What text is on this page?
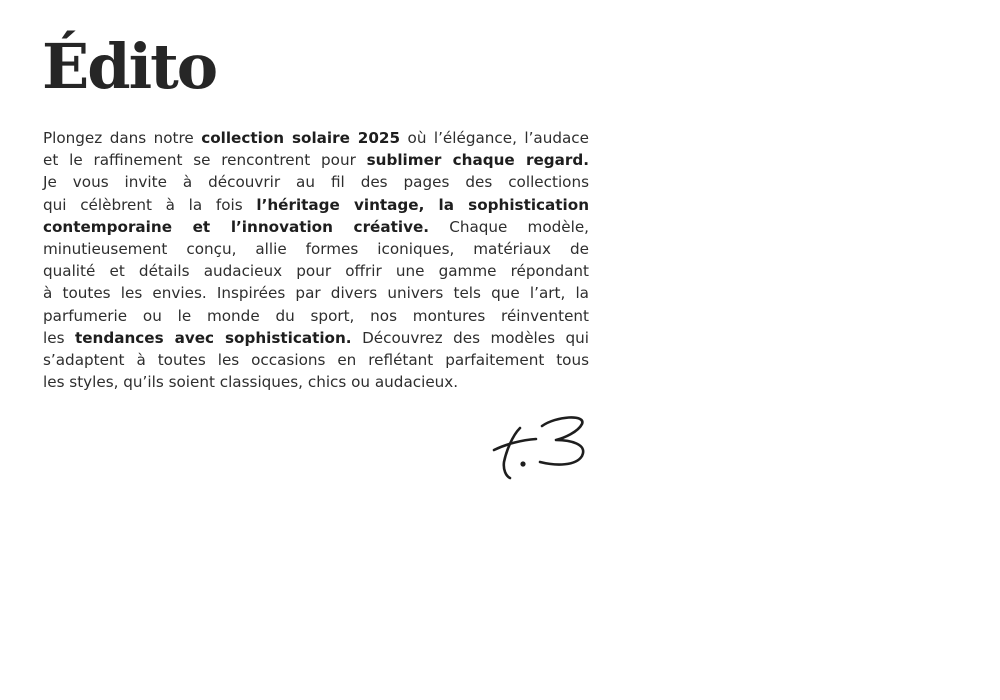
Édito
Plongez dans notre collection solaire 2025 où l’élégance, l’audace
et le raffinement se rencontrent pour sublimer chaque regard.
Je vous invite à découvrir au fil des pages des collections
qui célèbrent à la fois l’héritage vintage, la sophistication
contemporaine et l’innovation créative. Chaque modèle,
minutieusement conçu, allie formes iconiques, matériaux de
qualité et détails audacieux pour offrir une gamme répondant
à toutes les envies. Inspirées par divers univers tels que l’art, la
parfumerie ou le monde du sport, nos montures réinventent
les tendances avec sophistication. Découvrez des modèles qui
s’adaptent à toutes les occasions en reflétant parfaitement tous
les styles, qu’ils soient classiques, chics ou audacieux.
